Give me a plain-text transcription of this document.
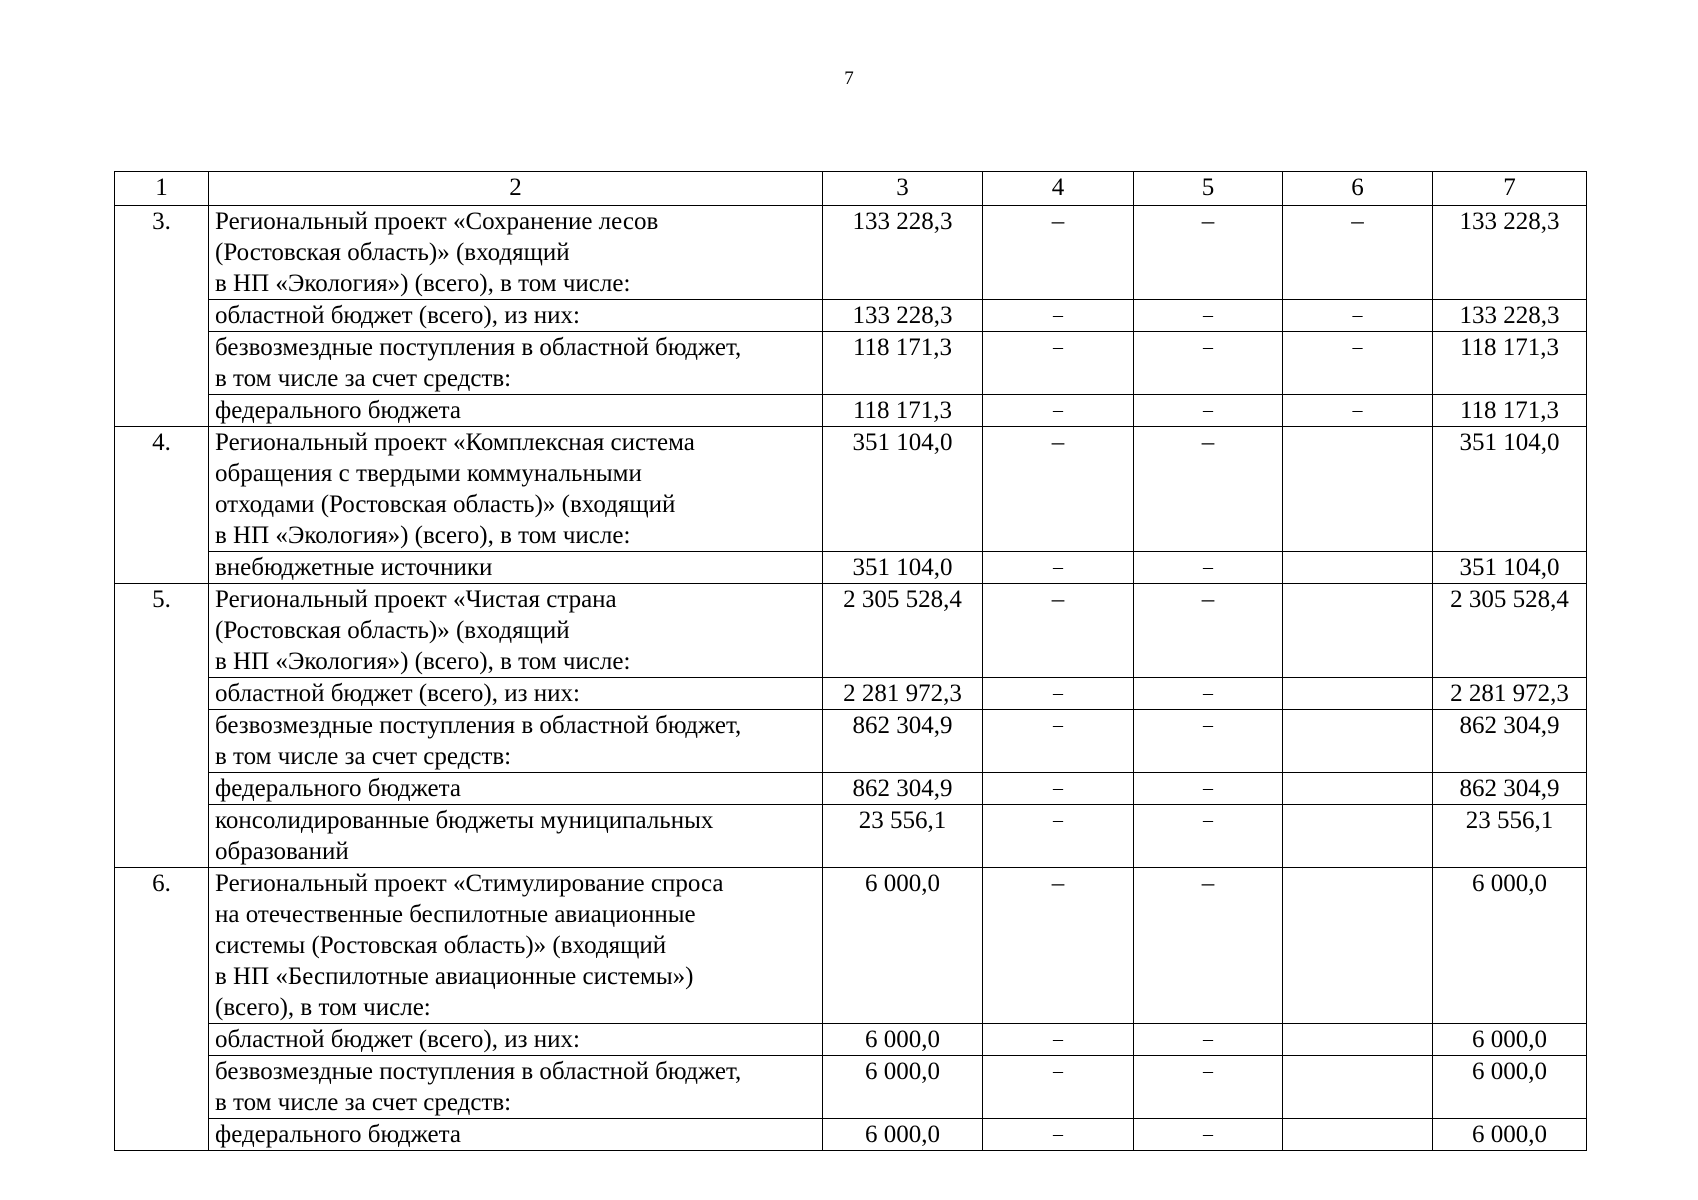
7
1	2	3	4	5	6	7
3.	Региональный проект «Сохранение лесов
(Ростовская область)» (входящий
в НП «Экология») (всего), в том числе:	133 228,3	–	–	–	133 228,3
	областной бюджет (всего), из них:	133 228,3	–	–	–	133 228,3
	безвозмездные поступления в областной бюджет,
в том числе за счет средств:	118 171,3	–	–	–	118 171,3
	федерального бюджета	118 171,3	–	–	–	118 171,3
4.	Региональный проект «Комплексная система
обращения с твердыми коммунальными
отходами (Ростовская область)» (входящий
в НП «Экология») (всего), в том числе:	351 104,0	–	–		351 104,0
	внебюджетные источники	351 104,0	–	–		351 104,0
5.	Региональный проект «Чистая страна
(Ростовская область)» (входящий
в НП «Экология») (всего), в том числе:	2 305 528,4	–	–		2 305 528,4
	областной бюджет (всего), из них:	2 281 972,3	–	–		2 281 972,3
	безвозмездные поступления в областной бюджет,
в том числе за счет средств:	862 304,9	–	–		862 304,9
	федерального бюджета	862 304,9	–	–		862 304,9
	консолидированные бюджеты муниципальных
образований	23 556,1	–	–		23 556,1
6.	Региональный проект «Стимулирование спроса
на отечественные беспилотные авиационные
системы (Ростовская область)» (входящий
в НП «Беспилотные авиационные системы»)
(всего), в том числе:	6 000,0	–	–		6 000,0
	областной бюджет (всего), из них:	6 000,0	–	–		6 000,0
	безвозмездные поступления в областной бюджет,
в том числе за счет средств:	6 000,0	–	–		6 000,0
	федерального бюджета	6 000,0	–	–		6 000,0
